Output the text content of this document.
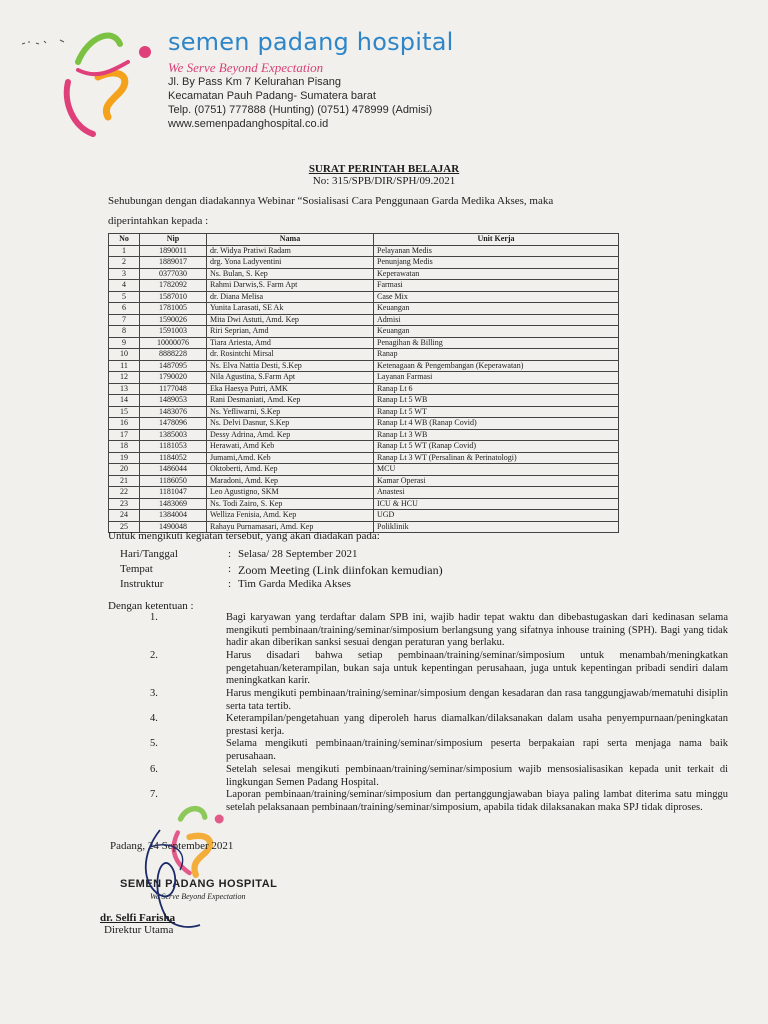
semen padang hospital
We Serve Beyond Expectation
Jl. By Pass Km 7 Kelurahan Pisang
Kecamatan Pauh Padang- Sumatera barat
Telp. (0751) 777888 (Hunting) (0751) 478999 (Admisi)
www.semenpadanghospital.co.id
SURAT PERINTAH BELAJAR
No: 315/SPB/DIR/SPH/09.2021
Sehubungan dengan diadakannya Webinar “Sosialisasi Cara Penggunaan Garda Medika Akses, maka
diperintahkan kepada :
No	Nip	Nama	Unit Kerja
1	1890011	dr. Widya Pratiwi Radam	Pelayanan Medis
2	1889017	drg. Yona Ladyventini	Penunjang Medis
3	0377030	Ns. Bulan, S. Kep	Keperawatan
4	1782092	Rahmi Darwis,S. Farm Apt	Farmasi
5	1587010	dr. Diana Melisa	Case Mix
6	1781005	Yunita Larasati, SE Ak	Keuangan
7	1590026	Mita Dwi Astuti, Amd. Kep	Admisi
8	1591003	Riri Seprian, Amd	Keuangan
9	10000076	Tiara Ariesta, Amd	Penagihan & Billing
10	8888228	dr. Rosintchi Mirsal	Ranap
11	1487095	Ns. Elva Nattia Desti, S.Kep	Ketenagaan & Pengembangan (Keperawatan)
12	1790020	Nila Agustina, S.Farm Apt	Layanan Farmasi
13	1177048	Eka Haesya Putri, AMK	Ranap Lt 6
14	1489053	Rani Desmaniati, Amd. Kep	Ranap Lt 5 WB
15	1483076	Ns. Yefliwarni, S.Kep	Ranap Lt 5 WT
16	1478096	Ns. Delvi Dasnur, S.Kep	Ranap Lt 4 WB (Ranap Covid)
17	1385003	Dessy Adrina, Amd. Kep	Ranap Lt 3 WB
18	1181053	Herawati, Amd Keb	Ranap Lt 5 WT (Ranap Covid)
19	1184052	Jumami,Amd. Keb	Ranap Lt 3 WT (Persalinan & Perinatologi)
20	1486044	Oktoberti, Amd. Kep	MCU
21	1186050	Maradoni, Amd. Kep	Kamar Operasi
22	1181047	Leo Agustigno, SKM	Anastesi
23	1483069	Ns. Todi Zairo, S. Kep	ICU & HCU
24	1384004	Welliza Fenisia, Amd. Kep	UGD
25	1490048	Rahayu Purnamasari, Amd. Kep	Poliklinik
Untuk mengikuti kegiatan tersebut, yang akan diadakan pada:
Hari/Tanggal	: Selasa/ 28 September 2021
Tempat	: Zoom Meeting (Link diinfokan kemudian)
Instruktur	: Tim Garda Medika Akses
Dengan ketentuan :
1.	Bagi karyawan yang terdaftar dalam SPB ini, wajib hadir tepat waktu dan dibebastugaskan dari kedinasan selama mengikuti pembinaan/training/seminar/simposium berlangsung yang sifatnya inhouse training (SPH). Bagi yang tidak hadir akan diberikan sanksi sesuai dengan peraturan yang berlaku.
2.	Harus disadari bahwa setiap pembinaan/training/seminar/simposium untuk menambah/meningkatkan pengetahuan/keterampilan, bukan saja untuk kepentingan perusahaan, juga untuk kepentingan pribadi sendiri dalam meningkatkan karir.
3.	Harus mengikuti pembinaan/training/seminar/simposium dengan kesadaran dan rasa tanggungjawab/mematuhi disiplin serta tata tertib.
4.	Keterampilan/pengetahuan yang diperoleh harus diamalkan/dilaksanakan dalam usaha penyempurnaan/peningkatan prestasi kerja.
5.	Selama mengikuti pembinaan/training/seminar/simposium peserta berpakaian rapi serta menjaga nama baik perusahaan.
6.	Setelah selesai mengikuti pembinaan/training/seminar/simposium wajib mensosialisasikan kepada unit terkait di lingkungan Semen Padang Hospital.
7.	Laporan pembinaan/training/seminar/simposium dan pertanggungjawaban biaya paling lambat diterima satu minggu setelah pelaksanaan pembinaan/training/seminar/simposium, apabila tidak dilaksanakan maka SPJ tidak diproses.
Padang, 24 September 2021
SEMEN PADANG HOSPITAL
We Serve Beyond Expectation
dr. Selfi Farisha
Direktur Utama
